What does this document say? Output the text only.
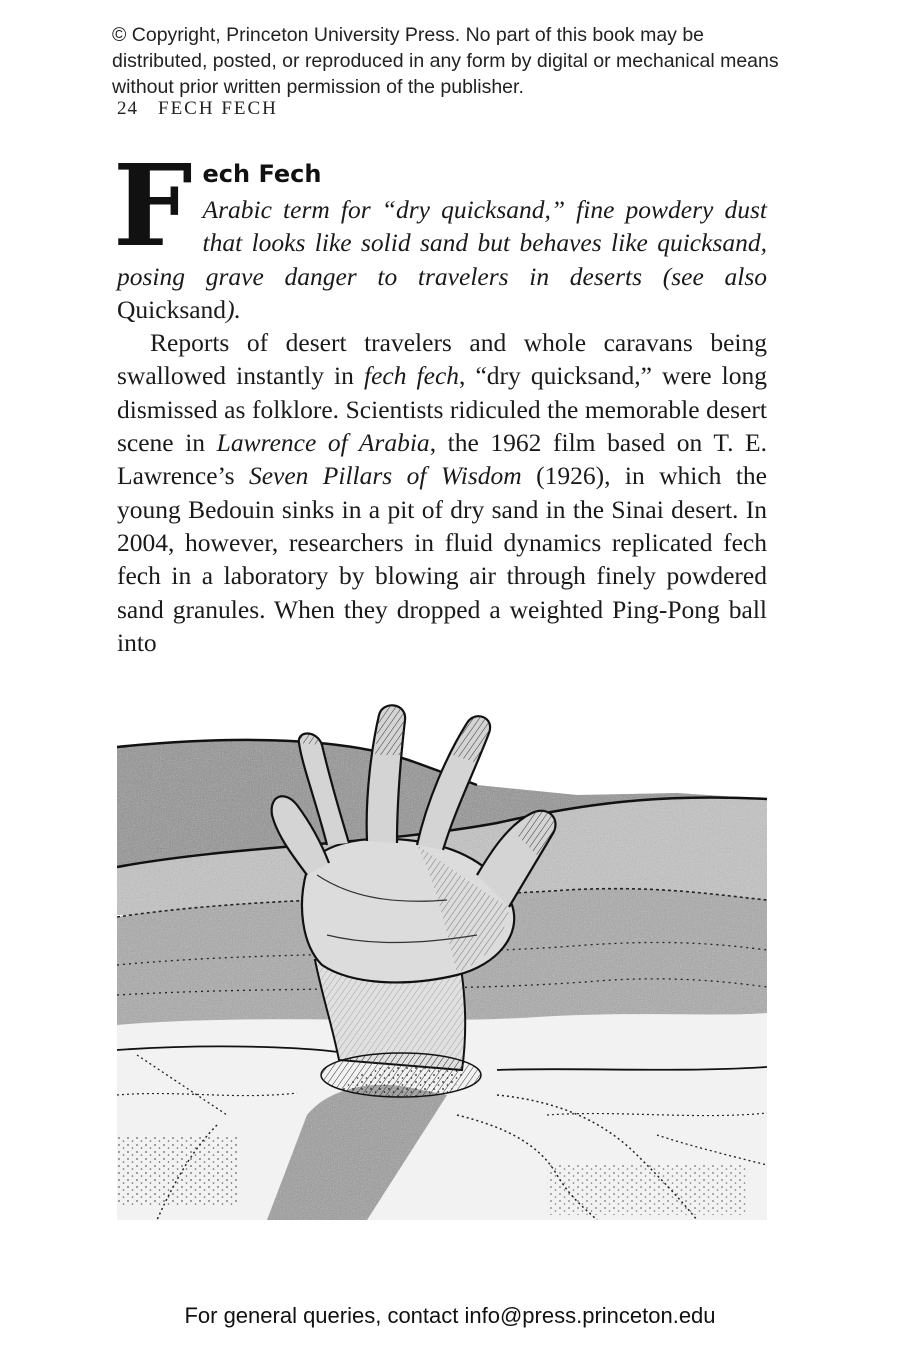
© Copyright, Princeton University Press. No part of this book may be distributed, posted, or reproduced in any form by digital or mechanical means without prior written permission of the publisher.
24 FECH FECH
F ech Fech

Arabic term for “dry quicksand,” fine powdery dust that looks like solid sand but behaves like quicksand, posing grave danger to travelers in deserts (see also Quicksand).

Reports of desert travelers and whole caravans being swallowed instantly in fech fech, “dry quicksand,” were long dismissed as folklore. Scientists ridiculed the memorable desert scene in Lawrence of Arabia, the 1962 film based on T. E. Lawrence’s Seven Pillars of Wisdom (1926), in which the young Bedouin sinks in a pit of dry sand in the Sinai desert. In 2004, however, researchers in fluid dynamics replicated fech fech in a laboratory by blowing air through finely powdered sand granules. When they dropped a weighted Ping-Pong ball into

For general queries, contact info@press.princeton.edu
